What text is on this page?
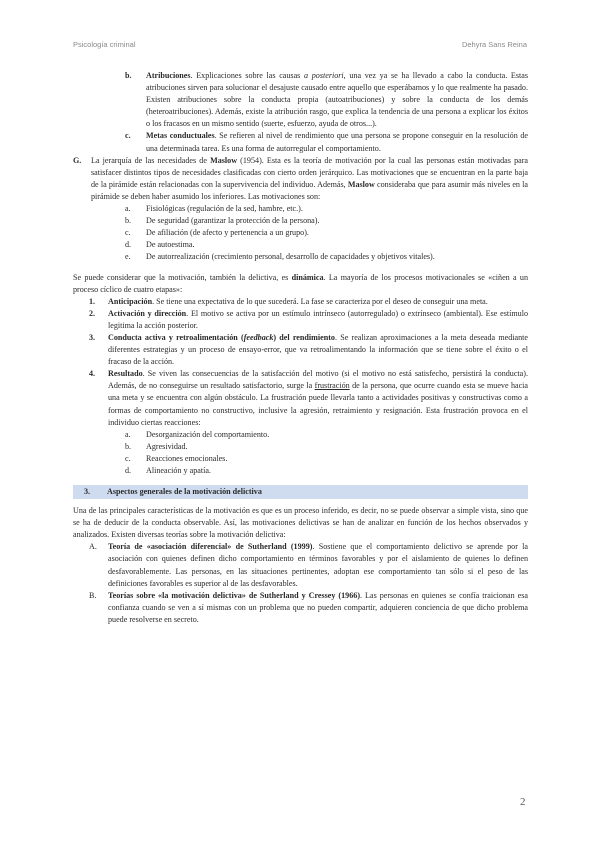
Psicología criminal	Dehyra Sans Reina
b. Atribuciones. Explicaciones sobre las causas a posteriori, una vez ya se ha llevado a cabo la conducta. Estas atribuciones sirven para solucionar el desajuste causado entre aquello que esperábamos y lo que realmente ha pasado. Existen atribuciones sobre la conducta propia (autoatribuciones) y sobre la conducta de los demás (heteroatribuciones). Además, existe la atribución rasgo, que explica la tendencia de una persona a explicar los éxitos o los fracasos en un mismo sentido (suerte, esfuerzo, ayuda de otros...).

c. Metas conductuales. Se refieren al nivel de rendimiento que una persona se propone conseguir en la resolución de una determinada tarea. Es una forma de autorregular el comportamiento.

G. La jerarquía de las necesidades de Maslow (1954). Esta es la teoría de motivación por la cual las personas están motivadas para satisfacer distintos tipos de necesidades clasificadas con cierto orden jerárquico. Las motivaciones que se encuentran en la parte baja de la pirámide están relacionadas con la supervivencia del individuo. Además, Maslow consideraba que para asumir más niveles en la pirámide se deben haber asumido los inferiores. Las motivaciones son:

a. Fisiológicas (regulación de la sed, hambre, etc.).

b. De seguridad (garantizar la protección de la persona).

c. De afiliación (de afecto y pertenencia a un grupo).

d. De autoestima.

e. De autorrealización (crecimiento personal, desarrollo de capacidades y objetivos vitales).

Se puede considerar que la motivación, también la delictiva, es dinámica. La mayoría de los procesos motivacionales se «ciñen a un proceso cíclico de cuatro etapas»:

1. Anticipación. Se tiene una expectativa de lo que sucederá. La fase se caracteriza por el deseo de conseguir una meta.

2. Activación y dirección. El motivo se activa por un estímulo intrínseco (autorregulado) o extrínseco (ambiental). Ese estímulo legitima la acción posterior.

3. Conducta activa y retroalimentación (feedback) del rendimiento. Se realizan aproximaciones a la meta deseada mediante diferentes estrategias y un proceso de ensayo-error, que va retroalimentando la información que se tiene sobre el éxito o el fracaso de la acción.

4. Resultado. Se viven las consecuencias de la satisfacción del motivo (si el motivo no está satisfecho, persistirá la conducta). Además, de no conseguirse un resultado satisfactorio, surge la frustración de la persona, que ocurre cuando esta se mueve hacia una meta y se encuentra con algún obstáculo. La frustración puede llevarla tanto a actividades positivas y constructivas como a formas de comportamiento no constructivo, inclusive la agresión, retraimiento y resignación. Esta frustración provoca en el individuo ciertas reacciones:

a. Desorganización del comportamiento.

b. Agresividad.

c. Reacciones emocionales.

d. Alineación y apatía.

3. Aspectos generales de la motivación delictiva

Una de las principales características de la motivación es que es un proceso inferido, es decir, no se puede observar a simple vista, sino que se ha de deducir de la conducta observable. Así, las motivaciones delictivas se han de analizar en función de los hechos observados y analizados. Existen diversas teorías sobre la motivación delictiva:

A. Teoría de «asociación diferencial» de Sutherland (1999). Sostiene que el comportamiento delictivo se aprende por la asociación con quienes definen dicho comportamiento en términos favorables y por el aislamiento de quienes lo definen desfavorablemente. Las personas, en las situaciones pertinentes, adoptan ese comportamiento tan sólo si el peso de las definiciones favorables es superior al de las desfavorables.

B. Teorías sobre «la motivación delictiva» de Sutherland y Cressey (1966). Las personas en quienes se confía traicionan esa confianza cuando se ven a sí mismas con un problema que no pueden compartir, adquieren conciencia de que dicho problema puede resolverse en secreto.

2
